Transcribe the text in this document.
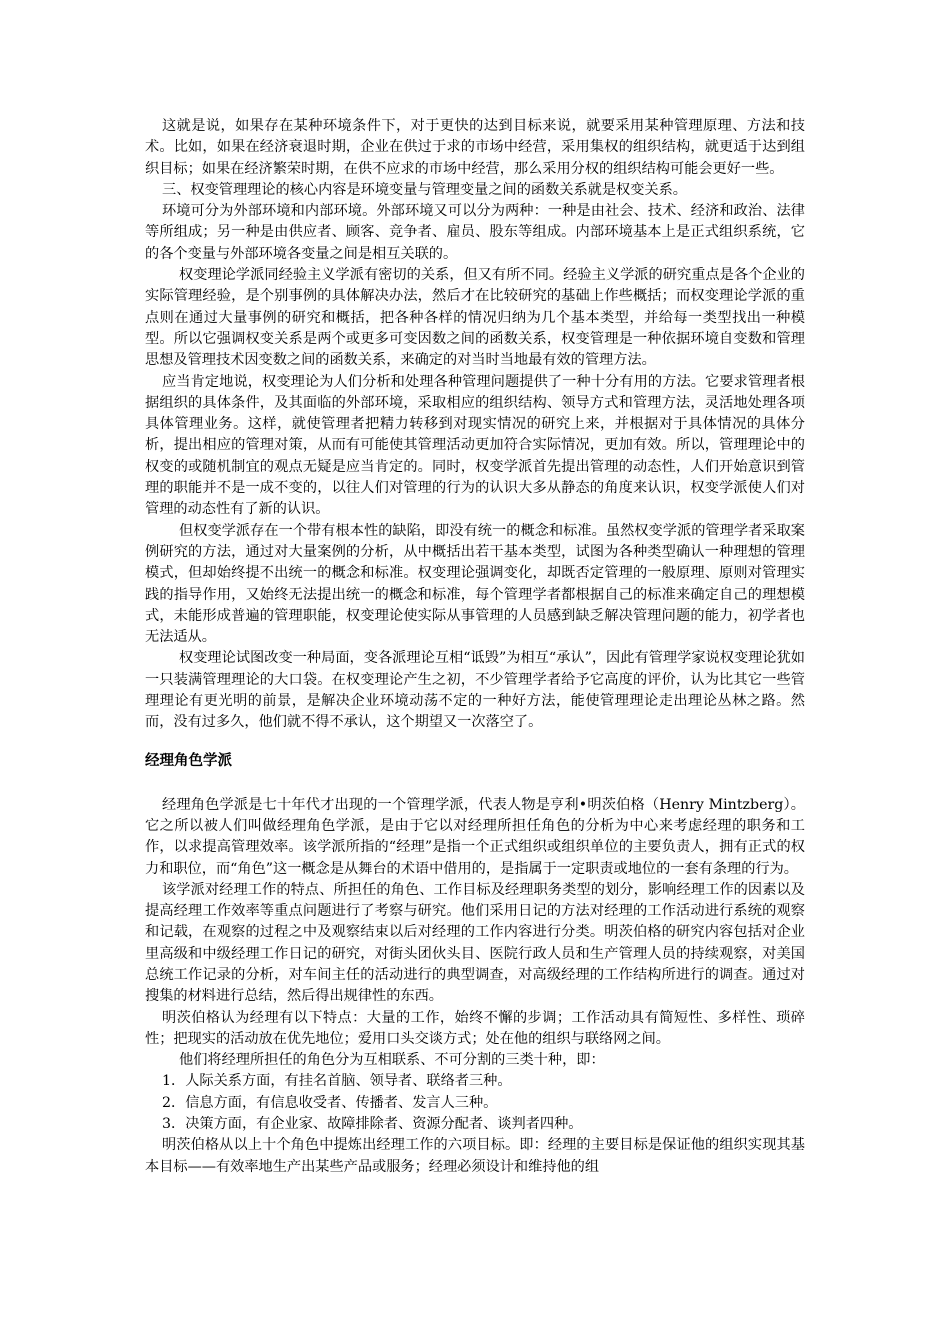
这就是说，如果存在某种环境条件下，对于更快的达到目标来说，就要采用某种管理原理、方法和技术。比如，如果在经济衰退时期，企业在供过于求的市场中经营，采用集权的组织结构，就更适于达到组织目标；如果在经济繁荣时期，在供不应求的市场中经营，那么采用分权的组织结构可能会更好一些。

三、权变管理理论的核心内容是环境变量与管理变量之间的函数关系就是权变关系。

环境可分为外部环境和内部环境。外部环境又可以分为两种：一种是由社会、技术、经济和政治、法律等所组成；另一种是由供应者、顾客、竞争者、雇员、股东等组成。内部环境基本上是正式组织系统，它的各个变量与外部环境各变量之间是相互关联的。

权变理论学派同经验主义学派有密切的关系，但又有所不同。经验主义学派的研究重点是各个企业的实际管理经验，是个别事例的具体解决办法，然后才在比较研究的基础上作些概括；而权变理论学派的重点则在通过大量事例的研究和概括，把各种各样的情况归纳为几个基本类型，并给每一类型找出一种模型。所以它强调权变关系是两个或更多可变因数之间的函数关系，权变管理是一种依据环境自变数和管理思想及管理技术因变数之间的函数关系，来确定的对当时当地最有效的管理方法。

应当肯定地说，权变理论为人们分析和处理各种管理问题提供了一种十分有用的方法。它要求管理者根据组织的具体条件，及其面临的外部环境，采取相应的组织结构、领导方式和管理方法，灵活地处理各项具体管理业务。这样，就使管理者把精力转移到对现实情况的研究上来，并根据对于具体情况的具体分析，提出相应的管理对策，从而有可能使其管理活动更加符合实际情况，更加有效。所以，管理理论中的权变的或随机制宜的观点无疑是应当肯定的。同时，权变学派首先提出管理的动态性，人们开始意识到管理的职能并不是一成不变的，以往人们对管理的行为的认识大多从静态的角度来认识，权变学派使人们对管理的动态性有了新的认识。

但权变学派存在一个带有根本性的缺陷，即没有统一的概念和标准。虽然权变学派的管理学者采取案例研究的方法，通过对大量案例的分析，从中概括出若干基本类型，试图为各种类型确认一种理想的管理模式，但却始终提不出统一的概念和标准。权变理论强调变化，却既否定管理的一般原理、原则对管理实践的指导作用，又始终无法提出统一的概念和标准，每个管理学者都根据自己的标准来确定自己的理想模式，未能形成普遍的管理职能，权变理论使实际从事管理的人员感到缺乏解决管理问题的能力，初学者也无法适从。

权变理论试图改变一种局面，变各派理论互相“诋毁”为相互“承认”，因此有管理学家说权变理论犹如一只装满管理理论的大口袋。在权变理论产生之初，不少管理学者给予它高度的评价，认为比其它一些管理理论有更光明的前景，是解决企业环境动荡不定的一种好方法，能使管理理论走出理论丛林之路。然而，没有过多久，他们就不得不承认，这个期望又一次落空了。

经理角色学派

经理角色学派是七十年代才出现的一个管理学派，代表人物是亨利•明茨伯格（Henry Mintzberg）。它之所以被人们叫做经理角色学派，是由于它以对经理所担任角色的分析为中心来考虑经理的职务和工作，以求提高管理效率。该学派所指的“经理”是指一个正式组织或组织单位的主要负责人，拥有正式的权力和职位，而“角色”这一概念是从舞台的术语中借用的，是指属于一定职责或地位的一套有条理的行为。

该学派对经理工作的特点、所担任的角色、工作目标及经理职务类型的划分，影响经理工作的因素以及提高经理工作效率等重点问题进行了考察与研究。他们采用日记的方法对经理的工作活动进行系统的观察和记载，在观察的过程之中及观察结束以后对经理的工作内容进行分类。明茨伯格的研究内容包括对企业里高级和中级经理工作日记的研究，对街头团伙头目、医院行政人员和生产管理人员的持续观察，对美国总统工作记录的分析，对车间主任的活动进行的典型调查，对高级经理的工作结构所进行的调查。通过对搜集的材料进行总结，然后得出规律性的东西。

明茨伯格认为经理有以下特点：大量的工作，始终不懈的步调；工作活动具有简短性、多样性、琐碎性；把现实的活动放在优先地位；爱用口头交谈方式；处在他的组织与联络网之间。

他们将经理所担任的角色分为互相联系、不可分割的三类十种，即：

1．人际关系方面，有挂名首脑、领导者、联络者三种。

2．信息方面，有信息收受者、传播者、发言人三种。

3．决策方面，有企业家、故障排除者、资源分配者、谈判者四种。

明茨伯格从以上十个角色中提炼出经理工作的六项目标。即：经理的主要目标是保证他的组织实现其基本目标——有效率地生产出某些产品或服务；经理必须设计和维持他的组
